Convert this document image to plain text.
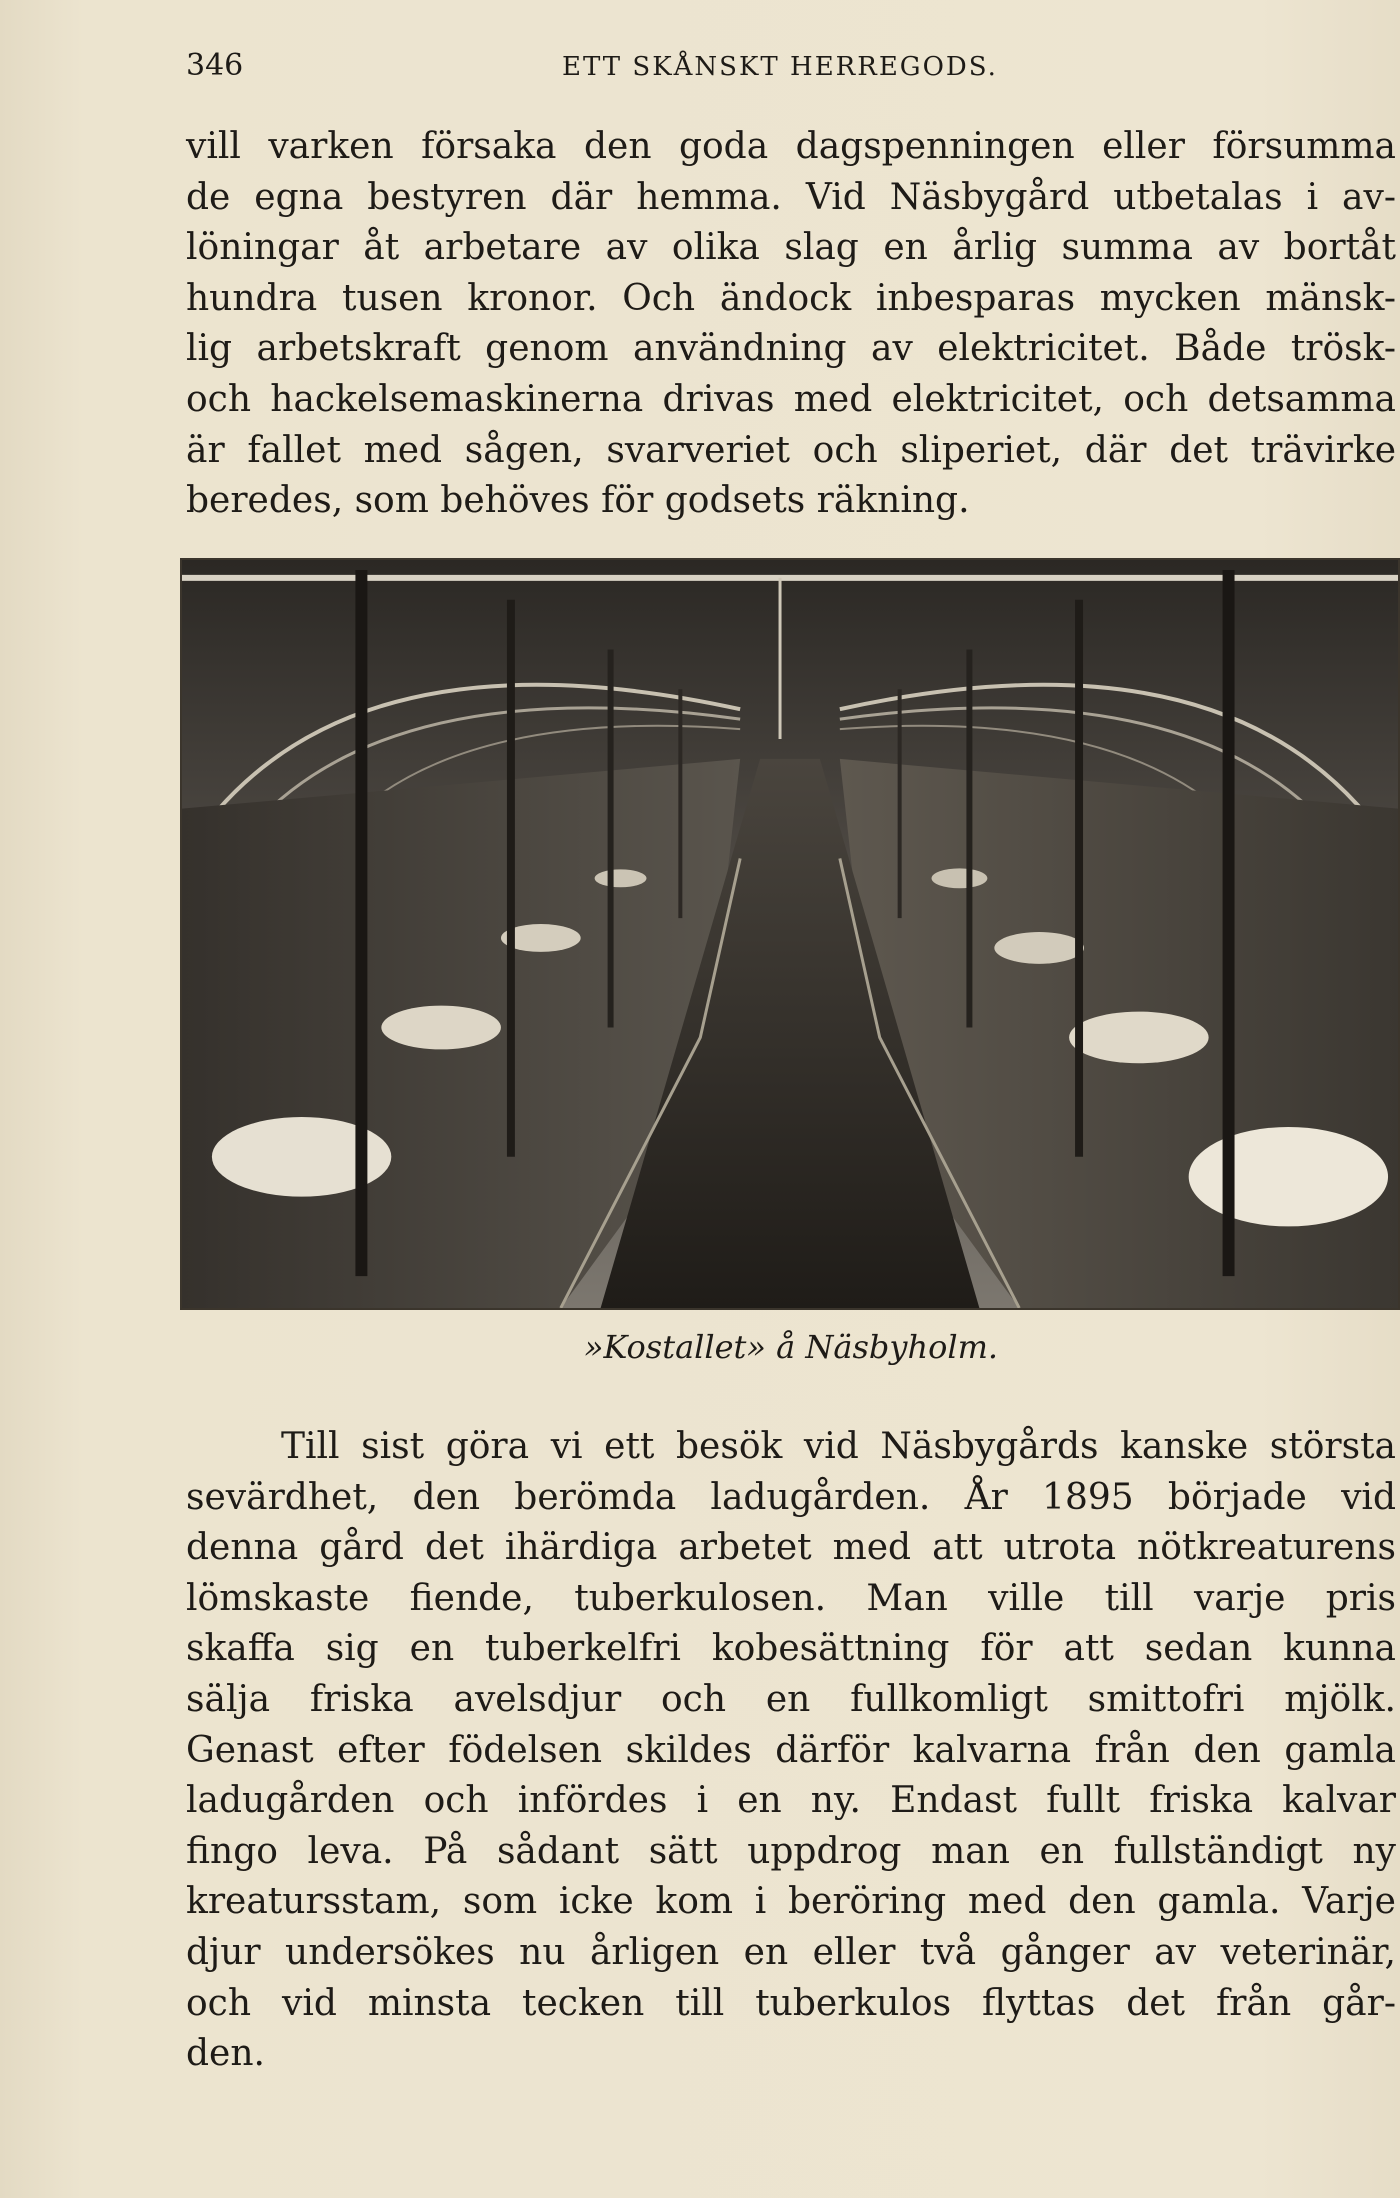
346	ETT SKÅNSKT HERREGODS.
vill varken försaka den goda dagspenningen eller försumma
de egna bestyren där hemma. Vid Näsbygård utbetalas i av-
löningar åt arbetare av olika slag en årlig summa av bortåt
hundra tusen kronor. Och ändock inbesparas mycken mänsk-
lig arbetskraft genom användning av elektricitet. Både trösk-
och hackelsemaskinerna drivas med elektricitet, och detsamma
är fallet med sågen, svarveriet och sliperiet, där det trävirke
beredes, som behöves för godsets räkning.
»Kostallet» å Näsbyholm.
Till sist göra vi ett besök vid Näsbygårds kanske största
sevärdhet, den berömda ladugården. År 1895 började vid
denna gård det ihärdiga arbetet med att utrota nötkreaturens
lömskaste fiende, tuberkulosen. Man ville till varje pris
skaffa sig en tuberkelfri kobesättning för att sedan kunna
sälja friska avelsdjur och en fullkomligt smittofri mjölk.
Genast efter födelsen skildes därför kalvarna från den gamla
ladugården och infördes i en ny. Endast fullt friska kalvar
fingo leva. På sådant sätt uppdrog man en fullständigt ny
kreatursstam, som icke kom i beröring med den gamla. Varje
djur undersökes nu årligen en eller två gånger av veterinär,
och vid minsta tecken till tuberkulos flyttas det från går-
den.
